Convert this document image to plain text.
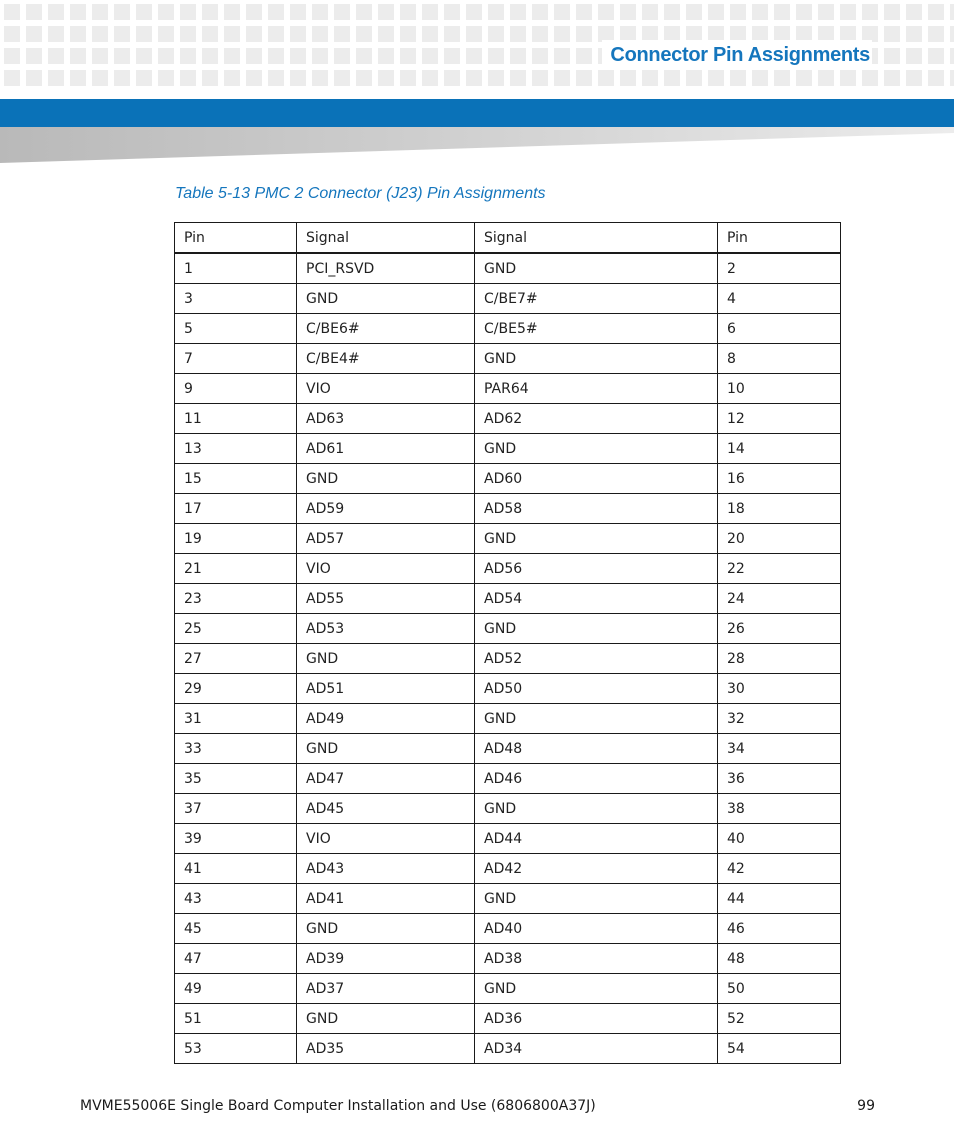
Connector Pin Assignments
Table 5-13 PMC 2 Connector (J23) Pin Assignments
Pin	Signal	Signal	Pin
1	PCI_RSVD	GND	2
3	GND	C/BE7#	4
5	C/BE6#	C/BE5#	6
7	C/BE4#	GND	8
9	VIO	PAR64	10
11	AD63	AD62	12
13	AD61	GND	14
15	GND	AD60	16
17	AD59	AD58	18
19	AD57	GND	20
21	VIO	AD56	22
23	AD55	AD54	24
25	AD53	GND	26
27	GND	AD52	28
29	AD51	AD50	30
31	AD49	GND	32
33	GND	AD48	34
35	AD47	AD46	36
37	AD45	GND	38
39	VIO	AD44	40
41	AD43	AD42	42
43	AD41	GND	44
45	GND	AD40	46
47	AD39	AD38	48
49	AD37	GND	50
51	GND	AD36	52
53	AD35	AD34	54
MVME55006E Single Board Computer Installation and Use (6806800A37J)	99
